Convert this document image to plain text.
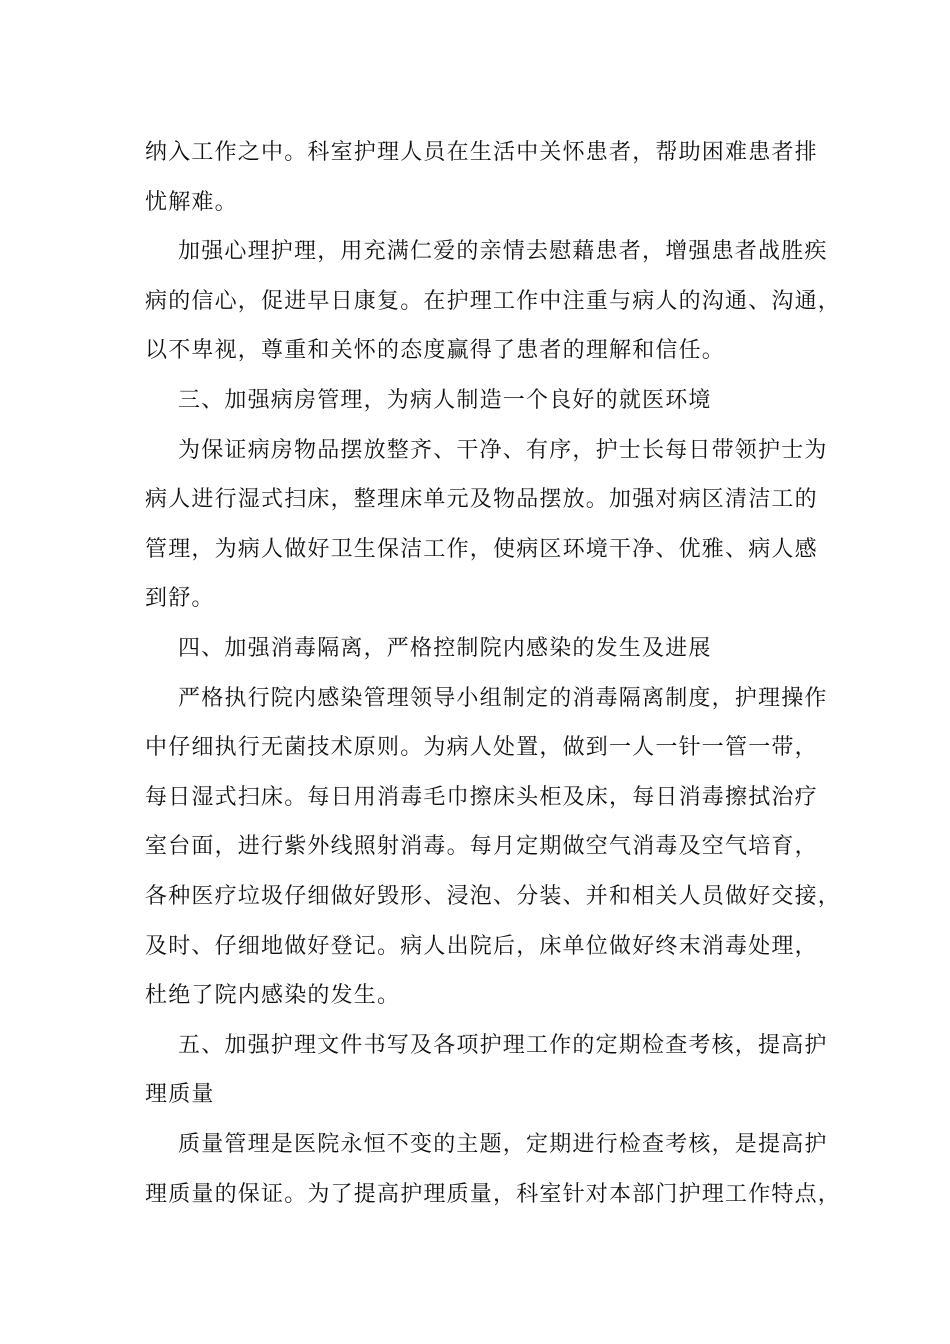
纳入工作之中。科室护理人员在生活中关怀患者，帮助困难患者排
忧解难。
加强心理护理，用充满仁爱的亲情去慰藉患者，增强患者战胜疾
病的信心，促进早日康复。在护理工作中注重与病人的沟通、沟通，
以不卑视，尊重和关怀的态度赢得了患者的理解和信任。
三、加强病房管理，为病人制造一个良好的就医环境
为保证病房物品摆放整齐、干净、有序，护士长每日带领护士为
病人进行湿式扫床，整理床单元及物品摆放。加强对病区清洁工的
管理，为病人做好卫生保洁工作，使病区环境干净、优雅、病人感
到舒。
四、加强消毒隔离，严格控制院内感染的发生及进展
严格执行院内感染管理领导小组制定的消毒隔离制度，护理操作
中仔细执行无菌技术原则。为病人处置，做到一人一针一管一带，
每日湿式扫床。每日用消毒毛巾擦床头柜及床，每日消毒擦拭治疗
室台面，进行紫外线照射消毒。每月定期做空气消毒及空气培育，
各种医疗垃圾仔细做好毁形、浸泡、分装、并和相关人员做好交接，
及时、仔细地做好登记。病人出院后，床单位做好终末消毒处理，
杜绝了院内感染的发生。
五、加强护理文件书写及各项护理工作的定期检查考核，提高护
理质量
质量管理是医院永恒不变的主题，定期进行检查考核，是提高护
理质量的保证。为了提高护理质量，科室针对本部门护理工作特点，
